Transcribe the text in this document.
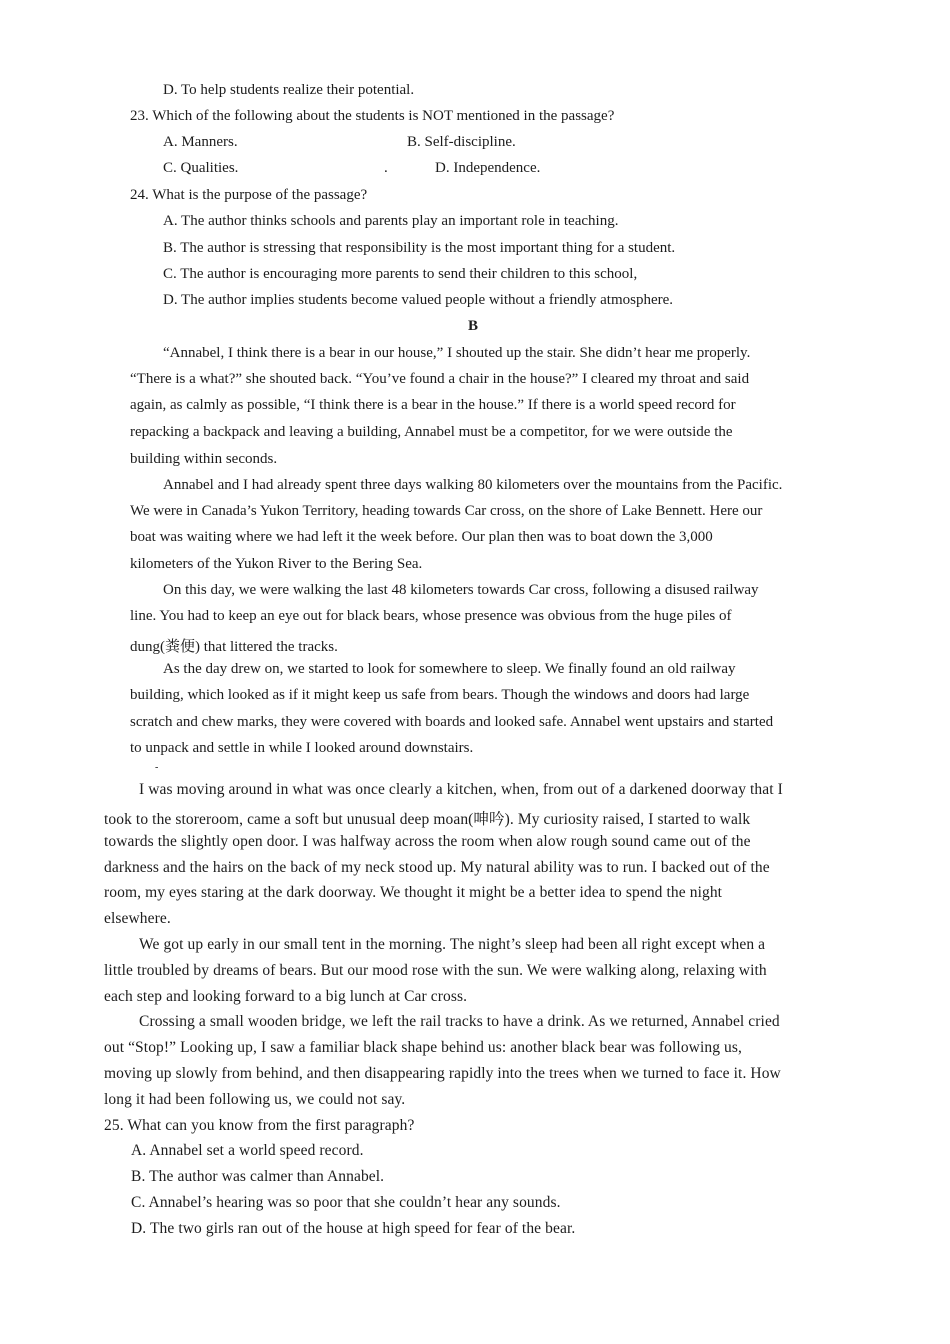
D. To help students realize their potential.

23. Which of the following about the students is NOT mentioned in the passage?

A. Manners.	B. Self-discipline.

C. Qualities.	.	D. Independence.

24. What is the purpose of the passage?

A. The author thinks schools and parents play an important role in teaching.

B. The author is stressing that responsibility is the most important thing for a student.

C. The author is encouraging more parents to send their children to this school,

D. The author implies students become valued people without a friendly atmosphere.

B

“Annabel, I think there is a bear in our house,” I shouted up the stair. She didn’t hear me properly.

“There is a what?” she shouted back. “You’ve found a chair in the house?” I cleared my throat and said

again, as calmly as possible, “I think there is a bear in the house.” If there is a world speed record for

repacking a backpack and leaving a building, Annabel must be a competitor, for we were outside the

building within seconds.

Annabel and I had already spent three days walking 80 kilometers over the mountains from the Pacific.

We were in Canada’s Yukon Territory, heading towards Car cross, on the shore of Lake Bennett. Here our

boat was waiting where we had left it the week before. Our plan then was to boat down the 3,000

kilometers of the Yukon River to the Bering Sea.

On this day, we were walking the last 48 kilometers towards Car cross, following a disused railway

line. You had to keep an eye out for black bears, whose presence was obvious from the huge piles of

dung(粪便) that littered the tracks.

As the day drew on, we started to look for somewhere to sleep. We finally found an old railway

building, which looked as if it might keep us safe from bears. Though the windows and doors had large

scratch and chew marks, they were covered with boards and looked safe. Annabel went upstairs and started

to unpack and settle in while I looked around downstairs.

-

I was moving around in what was once clearly a kitchen, when, from out of a darkened doorway that I

took to the storeroom, came a soft but unusual deep moan(呻吟). My curiosity raised, I started to walk

towards the slightly open door. I was halfway across the room when alow rough sound came out of the

darkness and the hairs on the back of my neck stood up. My natural ability was to run. I backed out of the

room, my eyes staring at the dark doorway. We thought it might be a better idea to spend the night

elsewhere.

We got up early in our small tent in the morning. The night’s sleep had been all right except when a

little troubled by dreams of bears. But our mood rose with the sun. We were walking along, relaxing with

each step and looking forward to a big lunch at Car cross.

Crossing a small wooden bridge, we left the rail tracks to have a drink. As we returned, Annabel cried

out “Stop!” Looking up, I saw a familiar black shape behind us: another black bear was following us,

moving up slowly from behind, and then disappearing rapidly into the trees when we turned to face it. How

long it had been following us, we could not say.

25. What can you know from the first paragraph?

A. Annabel set a world speed record.

B. The author was calmer than Annabel.

C. Annabel’s hearing was so poor that she couldn’t hear any sounds.

D. The two girls ran out of the house at high speed for fear of the bear.
